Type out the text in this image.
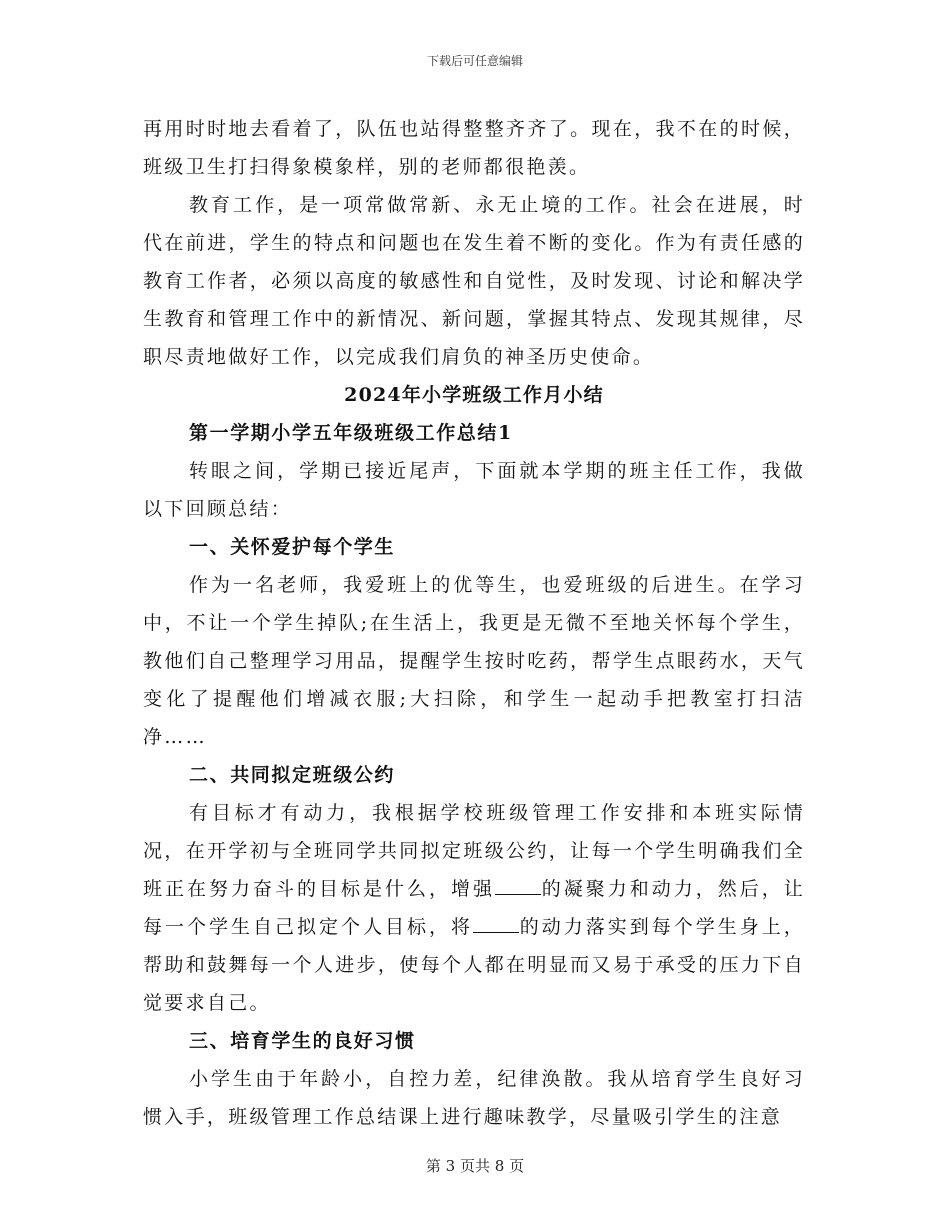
下载后可任意编辑

再用时时地去看着了，队伍也站得整整齐齐了。现在，我不在的时候，班级卫生打扫得象模象样，别的老师都很艳羡。

教育工作，是一项常做常新、永无止境的工作。社会在进展，时代在前进，学生的特点和问题也在发生着不断的变化。作为有责任感的教育工作者，必须以高度的敏感性和自觉性，及时发现、讨论和解决学生教育和管理工作中的新情况、新问题，掌握其特点、发现其规律，尽职尽责地做好工作，以完成我们肩负的神圣历史使命。

2024年小学班级工作月小结

第一学期小学五年级班级工作总结1

转眼之间，学期已接近尾声，下面就本学期的班主任工作，我做以下回顾总结：

一、关怀爱护每个学生

作为一名老师，我爱班上的优等生，也爱班级的后进生。在学习中，不让一个学生掉队;在生活上，我更是无微不至地关怀每个学生，教他们自己整理学习用品，提醒学生按时吃药，帮学生点眼药水，天气变化了提醒他们增减衣服;大扫除，和学生一起动手把教室打扫洁净……

二、共同拟定班级公约

有目标才有动力，我根据学校班级管理工作安排和本班实际情况，在开学初与全班同学共同拟定班级公约，让每一个学生明确我们全班正在努力奋斗的目标是什么，增强 的凝聚力和动力，然后，让每一个学生自己拟定个人目标，将 的动力落实到每个学生身上，帮助和鼓舞每一个人进步，使每个人都在明显而又易于承受的压力下自觉要求自己。

三、培育学生的良好习惯

小学生由于年龄小，自控力差，纪律涣散。我从培育学生良好习惯入手，班级管理工作总结课上进行趣味教学，尽量吸引学生的注意

第 3 页共 8 页
